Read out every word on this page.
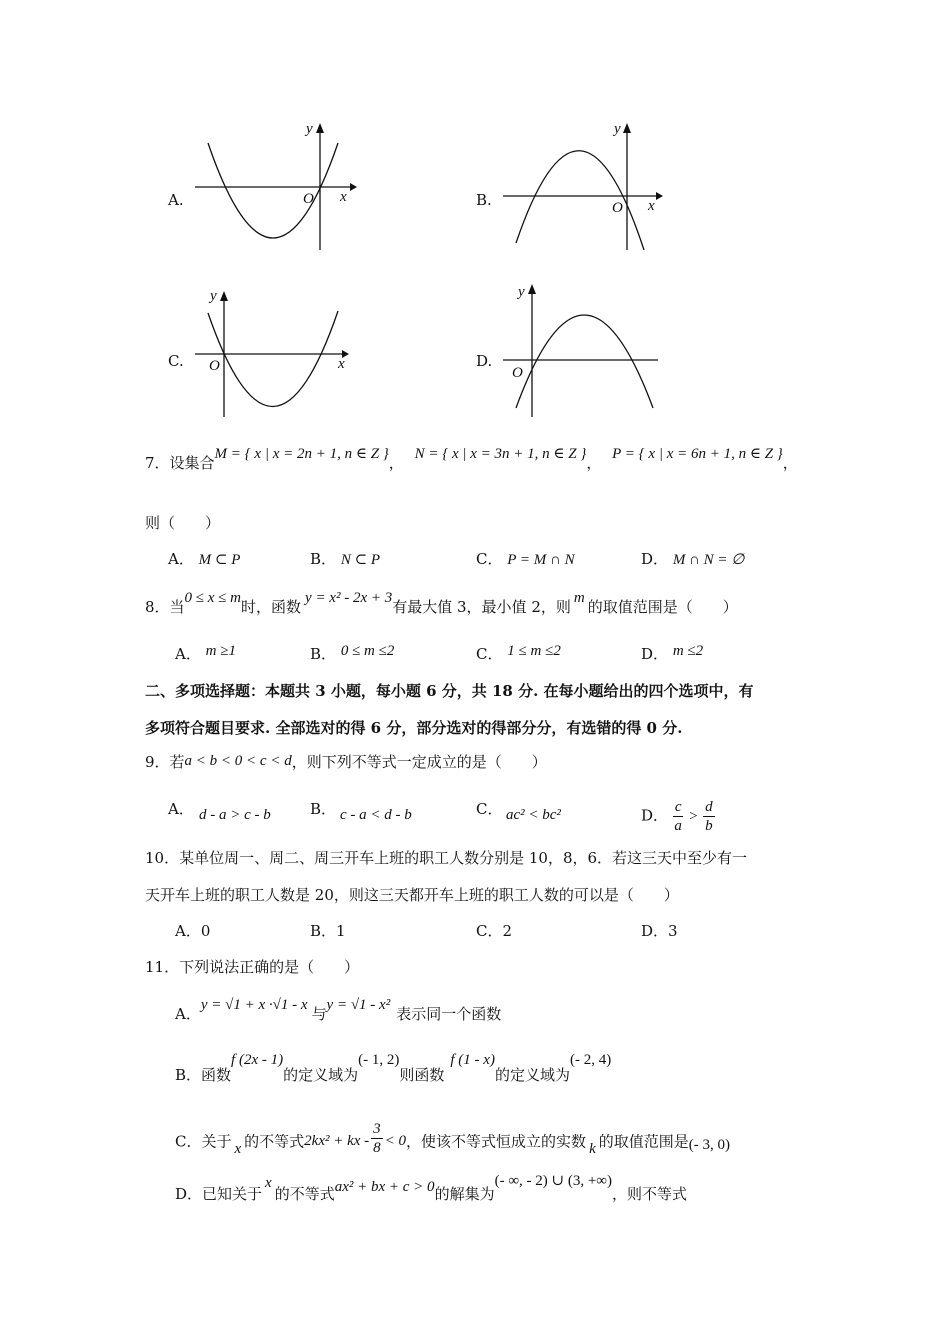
A.
y
x
O	B.
y
x
O
C.
y
x
O	D.
y
O
7．设集合M = { x | x = 2n + 1, n ∈ Z }， N = { x | x = 3n + 1, n ∈ Z }， P = { x | x = 6n + 1, n ∈ Z }，
则（　　）
A． M ⊂ P	B． N ⊂ P	C． P = M ∩ N	D． M ∩ N = ∅
8．当0 ≤ x ≤ m时，函数 y = x² - 2x + 3有最大值 3，最小值 2，则 m 的取值范围是（　　）
A． m ≥1	B． 0 ≤ m ≤2	C． 1 ≤ m ≤2	D． m ≤2
二、多项选择题：本题共 3 小题，每小题 6 分，共 18 分. 在每小题给出的四个选项中，有
多项符合题目要求. 全部选对的得 6 分，部分选对的得部分分，有选错的得 0 分.
9．若a < b < 0 < c < d，则下列不等式一定成立的是（　　）
A． d - a > c - b	B． c - a < d - b	C． ac² < bc²	D． $\frac{c}{a} > \frac{d}{b}$
10．某单位周一、周二、周三开车上班的职工人数分别是 10，8，6．若这三天中至少有一
天开车上班的职工人数是 20，则这三天都开车上班的职工人数的可以是（　　）
A．0	B．1	C．2	D．3
11．下列说法正确的是（　　）
A．y = √1 + x ·√1 - x 与y = √1 - x² 表示同一个函数
B．函数f (2x - 1)的定义域为(- 1, 2)则函数f (1 - x)的定义域为(- 2, 4)
C．关于 x 的不等式2kx² + kx - $\frac{3}{8} < 0$，使该不等式恒成立的实数 k 的取值范围是(- 3, 0)
D．已知关于x的不等式ax² + bx + c > 0的解集为(- ∞, - 2) ∪ (3, +∞)，则不等式
